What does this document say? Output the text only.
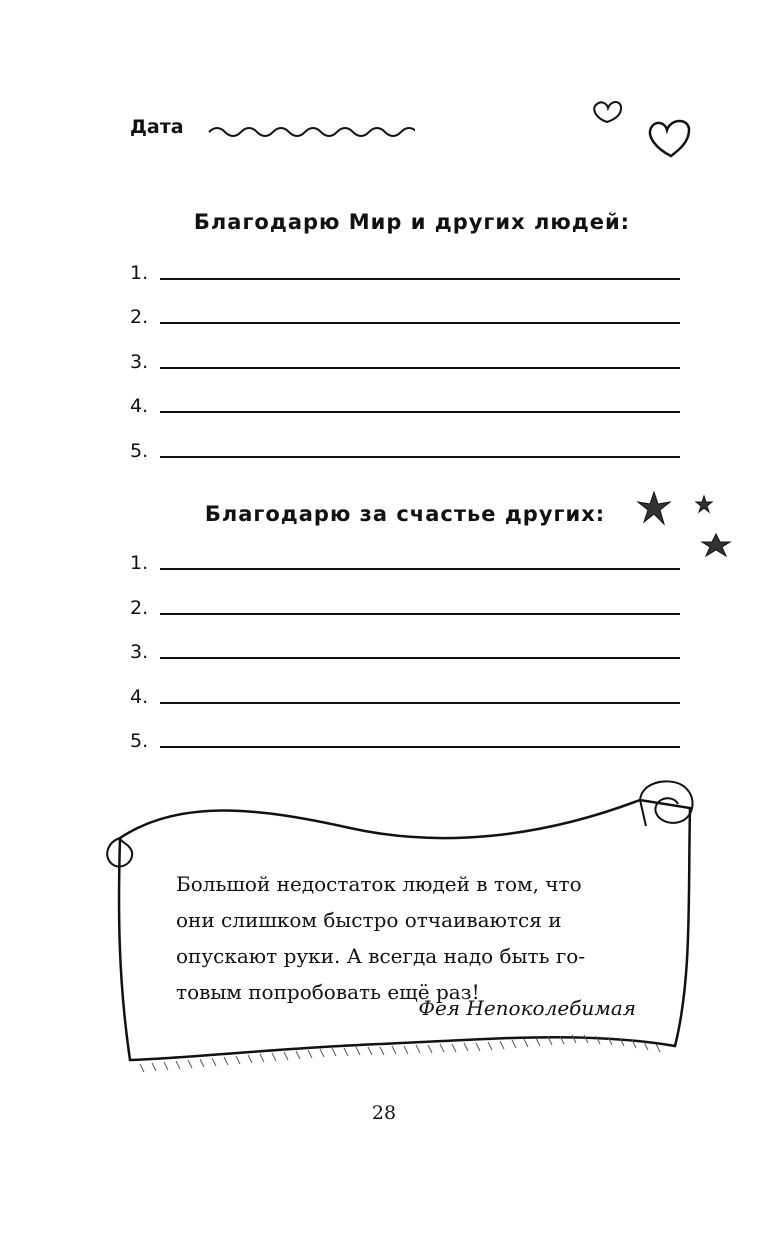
Дата
Благодарю Мир и других людей:
1.
2.
3.
4.
5.
Благодарю за счастье других:
1.
2.
3.
4.
5.
Большой недостаток людей в том, что
они слишком быстро отчаиваются и
опускают руки. А всегда надо быть го-
товым попробовать ещё раз!
Фея Непоколебимая
28
